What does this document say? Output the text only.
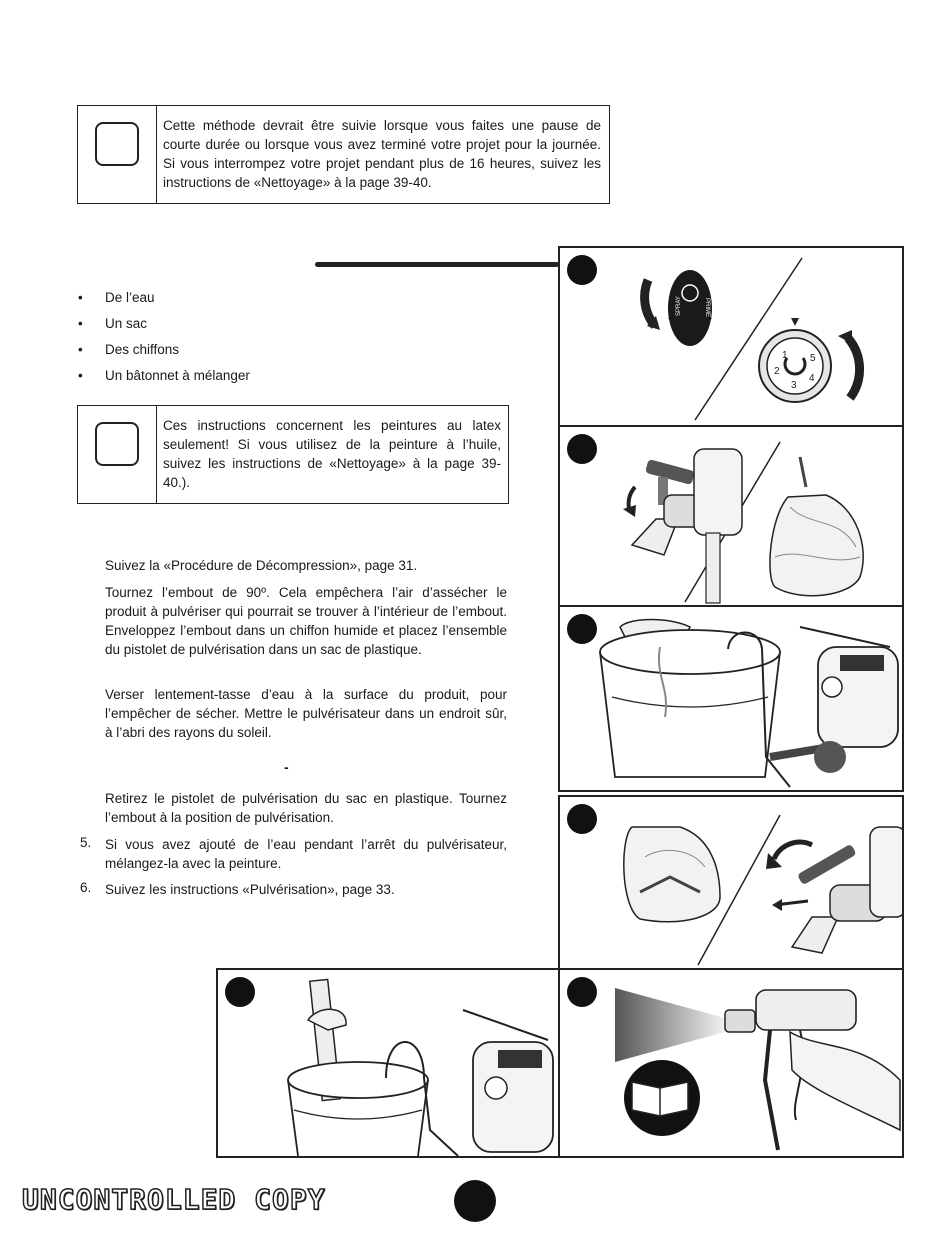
Cette méthode devrait être suivie lorsque vous faites une pause de courte durée ou lorsque vous avez terminé votre projet pour la journée. Si vous interrompez votre projet pendant plus de 16 heures, suivez les instructions de «Nettoyage» à la page 39-40.
• De l’eau
• Un sac
• Des chiffons
• Un bâtonnet à mélanger
Ces instructions concernent les peintures au latex seulement! Si vous utilisez de la peinture à l’huile, suivez les instructions de «Nettoyage» à la page 39-40.).
Suivez la «Procédure de Décompression», page 31.
Tournez l’embout de 90º. Cela empêchera l’air d’assécher le produit à pulvériser qui pourrait se trouver à l’intérieur de l’embout. Enveloppez l’embout dans un chiffon humide et placez l’ensemble du pistolet de pulvérisation dans un sac de plastique.
Verser lentement-tasse d’eau à la surface du produit, pour l’empêcher de sécher. Mettre le pulvérisateur dans un endroit sûr, à l’abri des rayons du soleil.
-
Retirez le pistolet de pulvérisation du sac en plastique. Tournez l’embout à la position de pulvérisation.
5. Si vous avez ajouté de l’eau pendant l’arrêt du pulvérisateur, mélangez-la avec la peinture.
6. Suivez les instructions «Pulvérisation», page 33.
SPRAY	PRIME
1
2
3
4
5
UNCONTROLLED COPY
